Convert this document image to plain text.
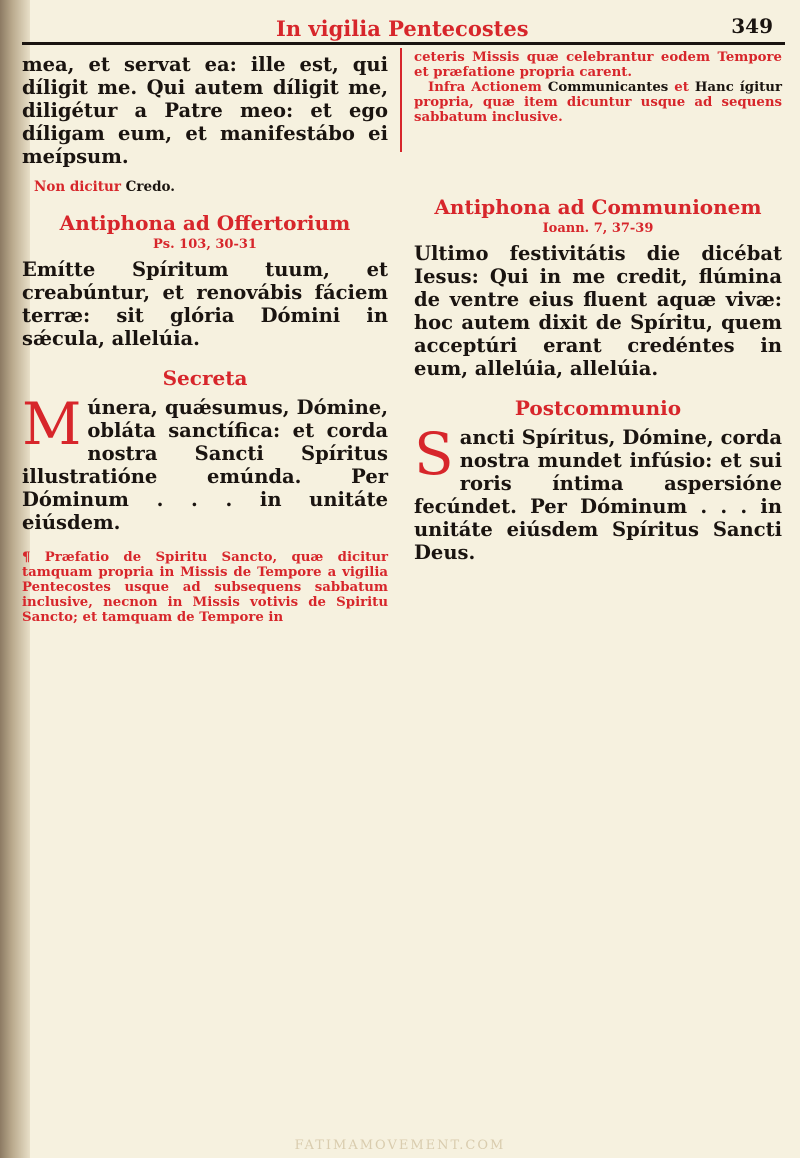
In vigilia Pentecostes	349

mea, et servat ea: ille est, qui díligit me. Qui autem díligit me, diligétur a Patre meo: et ego díligam eum, et manifestábo ei meípsum.

Non dicitur Credo.

Antiphona ad Offertorium

Ps. 103, 30-31

Emítte Spíritum tuum, et creabúntur, et renovábis fáciem terræ: sit glória Dómini in sǽcula, allelúia.

Secreta

M únera, quǽsumus, Dómine, obláta sanctífica: et corda nostra Sancti Spíritus illustratióne emúnda. Per Dóminum . . . in unitáte eiúsdem.

¶ Præfatio de Spiritu Sancto, quæ dicitur tamquam propria in Missis de Tempore a vigilia Pentecostes usque ad subsequens sabbatum inclusive, necnon in Missis votivis de Spiritu Sancto; et tamquam de Tempore in

ceteris Missis quæ celebrantur eodem Tempore et præfatione propria carent.

Infra Actionem Communicantes et Hanc ígitur propria, quæ item dicuntur usque ad sequens sabbatum inclusive.

Antiphona ad Communionem

Ioann. 7, 37-39

Ultimo festivitátis die dicébat Iesus: Qui in me credit, flúmina de ventre eius fluent aquæ vivæ: hoc autem dixit de Spíritu, quem acceptúri erant credéntes in eum, allelúia, allelúia.

Postcommunio

S ancti Spíritus, Dómine, corda nostra mundet infúsio: et sui roris íntima aspersióne fecúndet. Per Dóminum . . . in unitáte eiúsdem Spíritus Sancti Deus.

FATIMAMOVEMENT.COM
